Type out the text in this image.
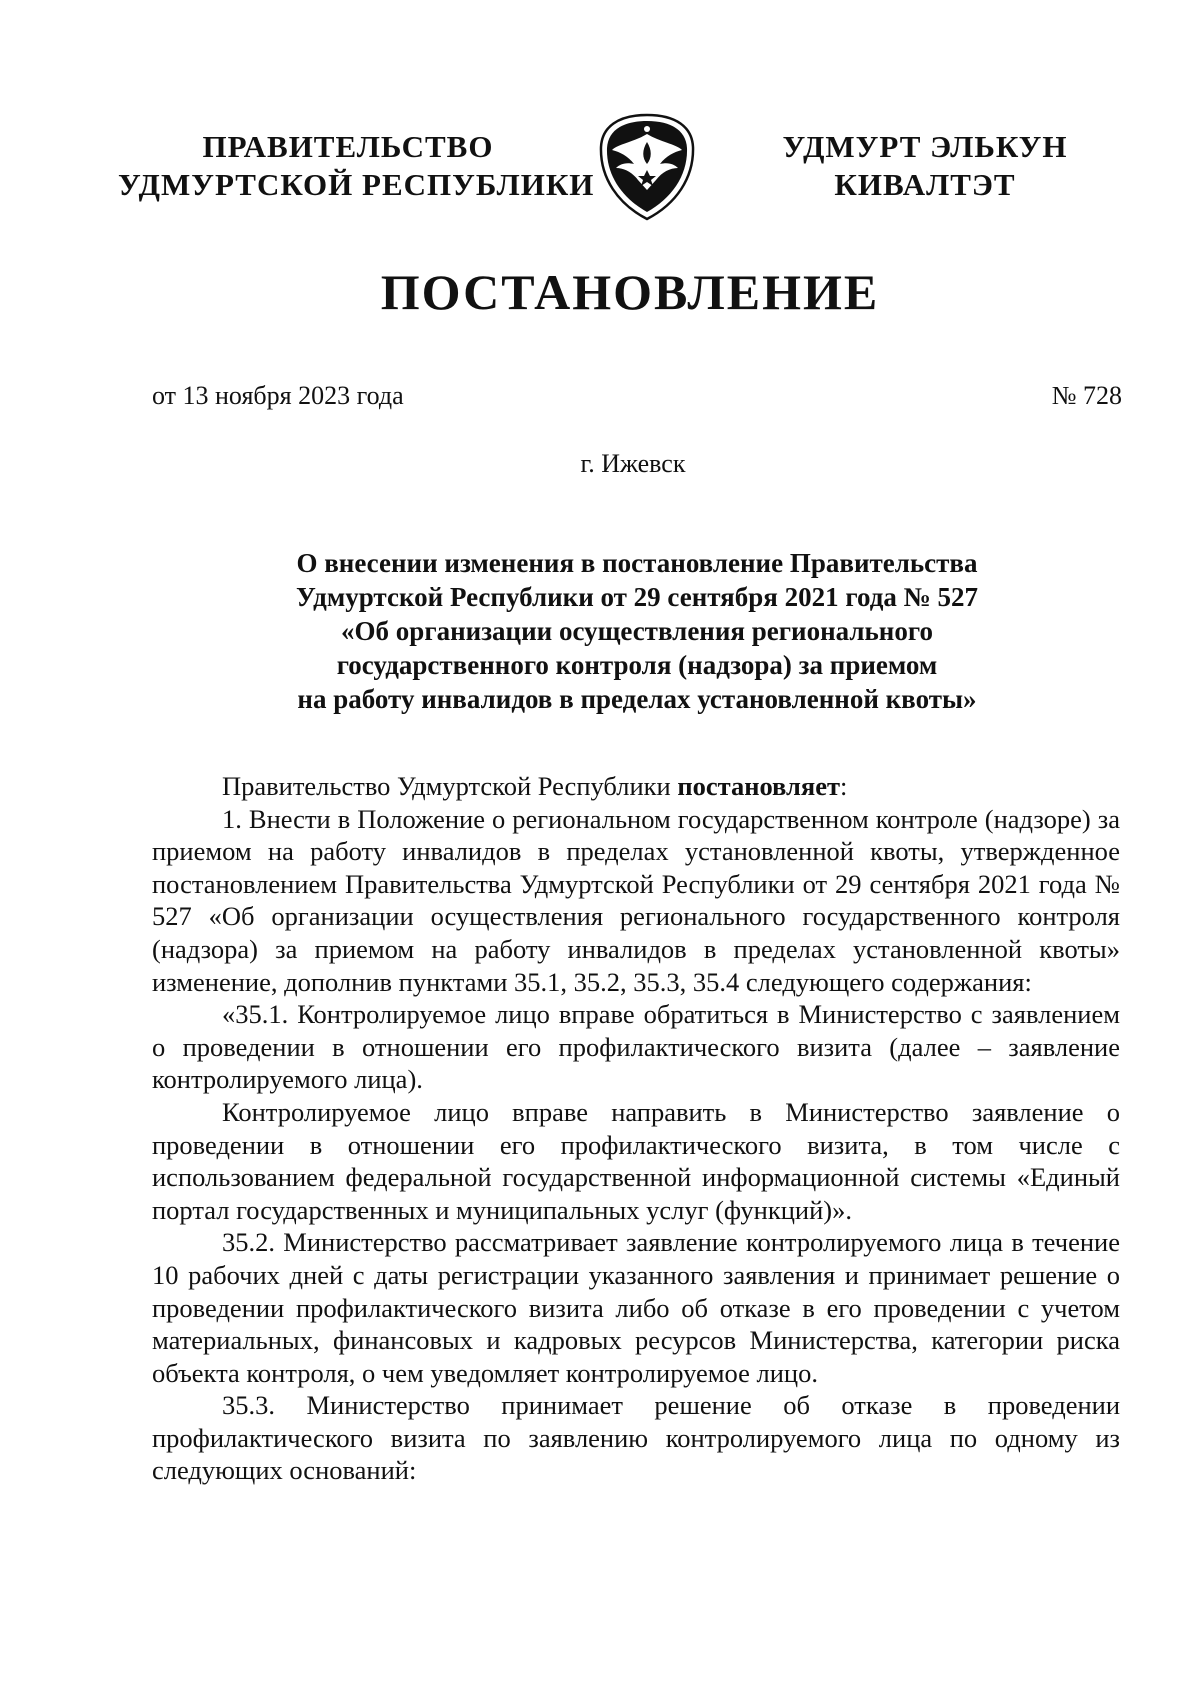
ПРАВИТЕЛЬСТВО
УДМУРТСКОЙ РЕСПУБЛИКИ
УДМУРТ ЭЛЬКУН
КИВАЛТЭТ
ПОСТАНОВЛЕНИЕ
от 13 ноября 2023 года	№ 728
г. Ижевск
О внесении изменения в постановление Правительства
Удмуртской Республики от 29 сентября 2021 года № 527
«Об организации осуществления регионального
государственного контроля (надзора) за приемом
на работу инвалидов в пределах установленной квоты»

Правительство Удмуртской Республики постановляет:

1. Внести в Положение о региональном государственном контроле (надзоре) за приемом на работу инвалидов в пределах установленной квоты, утвержденное постановлением Правительства Удмуртской Республики от 29 сентября 2021 года № 527 «Об организации осуществления регионального государственного контроля (надзора) за приемом на работу инвалидов в пределах установленной квоты» изменение, дополнив пунктами 35.1, 35.2, 35.3, 35.4 следующего содержания:

«35.1. Контролируемое лицо вправе обратиться в Министерство с заявлением о проведении в отношении его профилактического визита (далее – заявление контролируемого лица).

Контролируемое лицо вправе направить в Министерство заявление о проведении в отношении его профилактического визита, в том числе с использованием федеральной государственной информационной системы «Единый портал государственных и муниципальных услуг (функций)».

35.2. Министерство рассматривает заявление контролируемого лица в течение 10 рабочих дней с даты регистрации указанного заявления и принимает решение о проведении профилактического визита либо об отказе в его проведении с учетом материальных, финансовых и кадровых ресурсов Министерства, категории риска объекта контроля, о чем уведомляет контролируемое лицо.

35.3. Министерство принимает решение об отказе в проведении профилактического визита по заявлению контролируемого лица по одному из следующих оснований:
